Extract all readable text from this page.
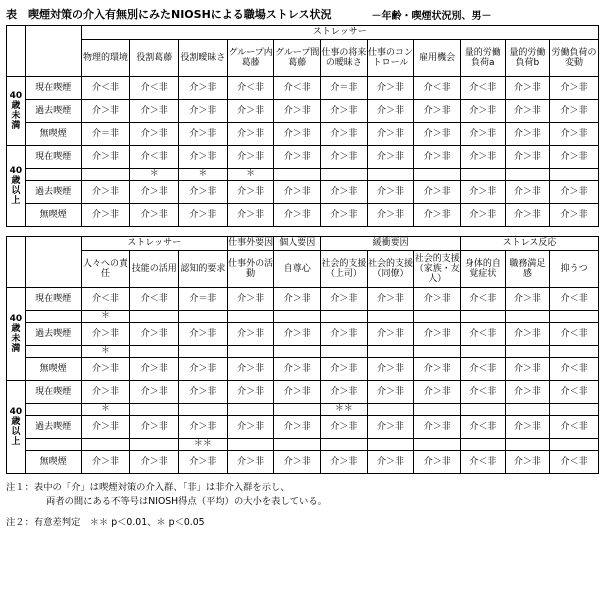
表　喫煙対策の介入有無別にみたNIOSHによる職場ストレス状況	－年齢・喫煙状況別、男－
		ストレッサー										
		物理的環境	役割葛藤	役割曖昧さ	グループ内葛藤	グループ間葛藤	仕事の将来の曖昧さ	仕事のコントロール	雇用機会	量的労働負荷a	量的労働負荷b	労働負荷の変動

40
歳
未
満	現在喫煙	介＜非	介＜非	介＞非	介＜非	介＜非	介＝非	介＞非	介＜非	介＜非	介＞非	介＞非
	過去喫煙	介＞非	介＞非	介＞非	介＞非	介＞非	介＞非	介＞非	介＞非	介＞非	介＞非	介＞非
	無喫煙	介＝非	介＞非	介＞非	介＞非	介＞非	介＞非	介＞非	介＞非	介＞非	介＞非	介＞非

40
歳
以
上	現在喫煙	介＞非	介＜非	介＞非	介＞非	介＞非	介＞非	介＞非	介＞非	介＞非	介＞非	介＞非
			＊	＊	＊							
	過去喫煙	介＞非	介＞非	介＞非	介＞非	介＞非	介＞非	介＞非	介＞非	介＞非	介＞非	介＞非
	無喫煙	介＞非	介＞非	介＞非	介＞非	介＞非	介＞非	介＞非	介＞非	介＞非	介＞非	介＞非
		ストレッサー			仕事外要因	個人要因	緩衝要因			ストレス反応		
		人々への責任	技能の活用	認知的要求	仕事外の活動	自尊心	社会的支援（上司）	社会的支援（同僚）	社会的支援（家族・友人）	身体的自覚症状	職務満足感	抑うつ

40
歳
未
満	現在喫煙	介＜非	介＜非	介＝非	介＞非	介＞非	介＞非	介＞非	介＞非	介＜非	介＞非	介＜非
		＊										
	過去喫煙	介＞非	介＞非	介＞非	介＞非	介＞非	介＞非	介＞非	介＞非	介＜非	介＞非	介＜非
		＊										
	無喫煙	介＞非	介＞非	介＞非	介＞非	介＞非	介＞非	介＞非	介＞非	介＜非	介＞非	介＜非

40
歳
以
上	現在喫煙	介＞非	介＞非	介＞非	介＞非	介＞非	介＞非	介＞非	介＞非	介＜非	介＞非	介＜非
		＊					＊＊					
	過去喫煙	介＞非	介＞非	介＞非	介＞非	介＞非	介＞非	介＞非	介＞非	介＜非	介＞非	介＜非
				＊＊								
	無喫煙	介＞非	介＞非	介＞非	介＞非	介＞非	介＞非	介＞非	介＞非	介＜非	介＞非	介＜非
注１：表中の「介」は喫煙対策の介入群、「非」は非介入群を示し、
両者の間にある不等号はNIOSH得点（平均）の大小を表している。
注２：有意差判定　＊＊ p＜0.01、＊ p＜0.05
